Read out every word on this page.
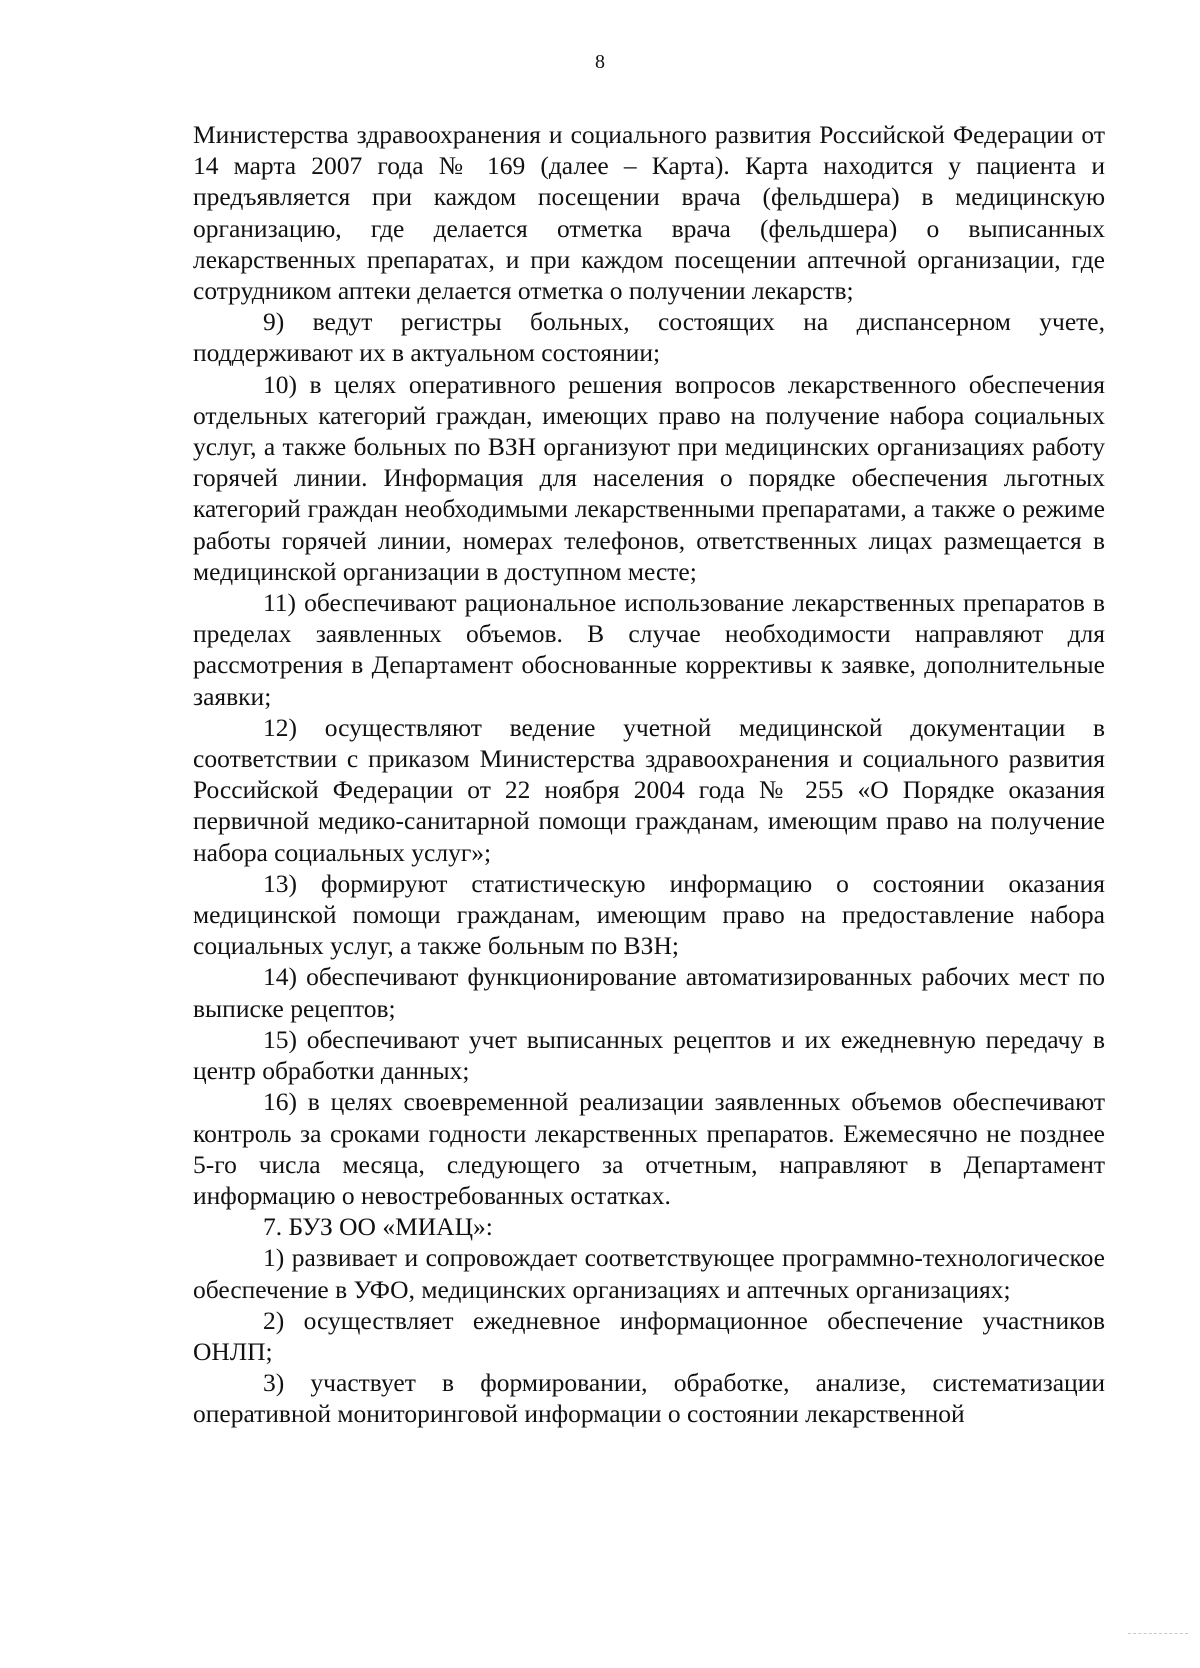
8

Министерства здравоохранения и социального развития Российской Федерации от 14 марта 2007 года № 169 (далее – Карта). Карта находится у пациента и предъявляется при каждом посещении врача (фельдшера) в медицинскую организацию, где делается отметка врача (фельдшера) о выписанных лекарственных препаратах, и при каждом посещении аптечной организации, где сотрудником аптеки делается отметка о получении лекарств;

9) ведут регистры больных, состоящих на диспансерном учете, поддерживают их в актуальном состоянии;

10) в целях оперативного решения вопросов лекарственного обеспечения отдельных категорий граждан, имеющих право на получение набора социальных услуг, а также больных по ВЗН организуют при медицинских организациях работу горячей линии. Информация для населения о порядке обеспечения льготных категорий граждан необходимыми лекарственными препаратами, а также о режиме работы горячей линии, номерах телефонов, ответственных лицах размещается в медицинской организации в доступном месте;

11) обеспечивают рациональное использование лекарственных препаратов в пределах заявленных объемов. В случае необходимости направляют для рассмотрения в Департамент обоснованные коррективы к заявке, дополнительные заявки;

12) осуществляют ведение учетной медицинской документации в соответствии с приказом Министерства здравоохранения и социального развития Российской Федерации от 22 ноября 2004 года № 255 «О Порядке оказания первичной медико-санитарной помощи гражданам, имеющим право на получение набора социальных услуг»;

13) формируют статистическую информацию о состоянии оказания медицинской помощи гражданам, имеющим право на предоставление набора социальных услуг, а также больным по ВЗН;

14) обеспечивают функционирование автоматизированных рабочих мест по выписке рецептов;

15) обеспечивают учет выписанных рецептов и их ежедневную передачу в центр обработки данных;

16) в целях своевременной реализации заявленных объемов обеспечивают контроль за сроками годности лекарственных препаратов. Ежемесячно не позднее 5-го числа месяца, следующего за отчетным, направляют в Департамент информацию о невостребованных остатках.

7. БУЗ ОО «МИАЦ»:

1) развивает и сопровождает соответствующее программно-технологическое обеспечение в УФО, медицинских организациях и аптечных организациях;

2) осуществляет ежедневное информационное обеспечение участников ОНЛП;

3) участвует в формировании, обработке, анализе, систематизации оперативной мониторинговой информации о состоянии лекарственной
